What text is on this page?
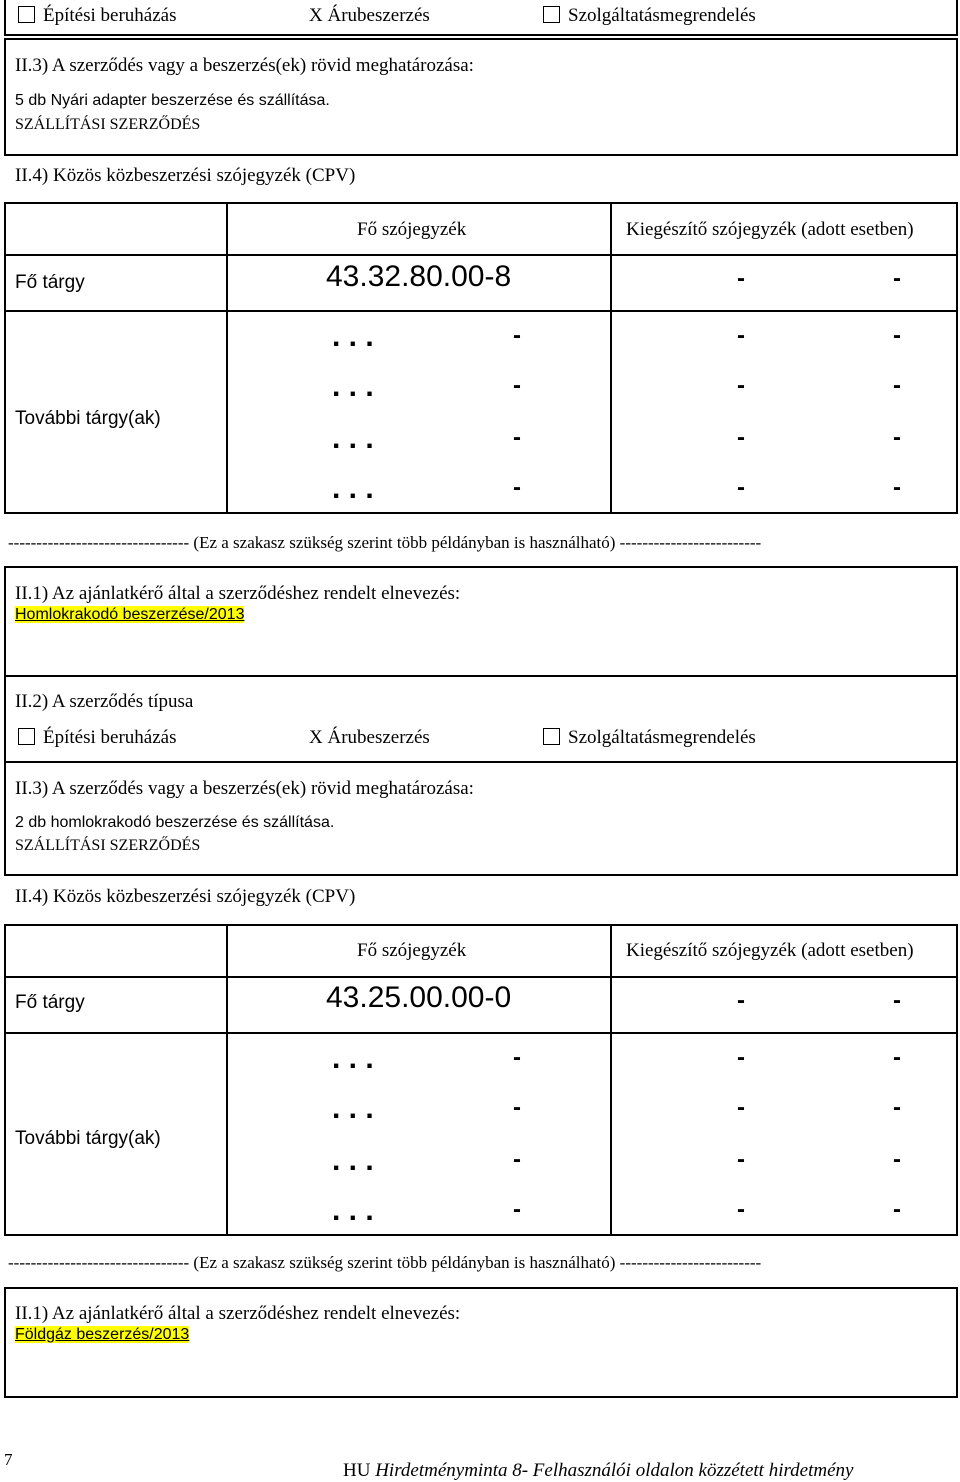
Építési beruházás	X Árubeszerzés	Szolgáltatásmegrendelés
II.3) A szerződés vagy a beszerzés(ek) rövid meghatározása:
5 db Nyári adapter beszerzése és szállítása.
SZÁLLÍTÁSI SZERZŐDÉS
II.4) Közös közbeszerzési szójegyzék (CPV)
Fő szójegyzék	Kiegészítő szójegyzék (adott esetben)
Fő tárgy	43.32.80.00-8	-	-
További tárgy(ak)
. . .	-	-	-
. . .	-	-	-
. . .	-	-	-
. . .	-	-	-
-------------------------------- (Ez a szakasz szükség szerint több példányban is használható) -------------------------
II.1) Az ajánlatkérő által a szerződéshez rendelt elnevezés:
Homlokrakodó beszerzése/2013
II.2) A szerződés típusa
Építési beruházás	X Árubeszerzés	Szolgáltatásmegrendelés
II.3) A szerződés vagy a beszerzés(ek) rövid meghatározása:
2 db homlokrakodó beszerzése és szállítása.
SZÁLLÍTÁSI SZERZŐDÉS
II.4) Közös közbeszerzési szójegyzék (CPV)
Fő szójegyzék	Kiegészítő szójegyzék (adott esetben)
Fő tárgy	43.25.00.00-0	-	-
További tárgy(ak)
. . .	-	-	-
. . .	-	-	-
. . .	-	-	-
. . .	-	-	-
-------------------------------- (Ez a szakasz szükség szerint több példányban is használható) -------------------------
II.1) Az ajánlatkérő által a szerződéshez rendelt elnevezés:
Földgáz beszerzés/2013
7
HU Hirdetményminta 8- Felhasználói oldalon közzétett hirdetmény
